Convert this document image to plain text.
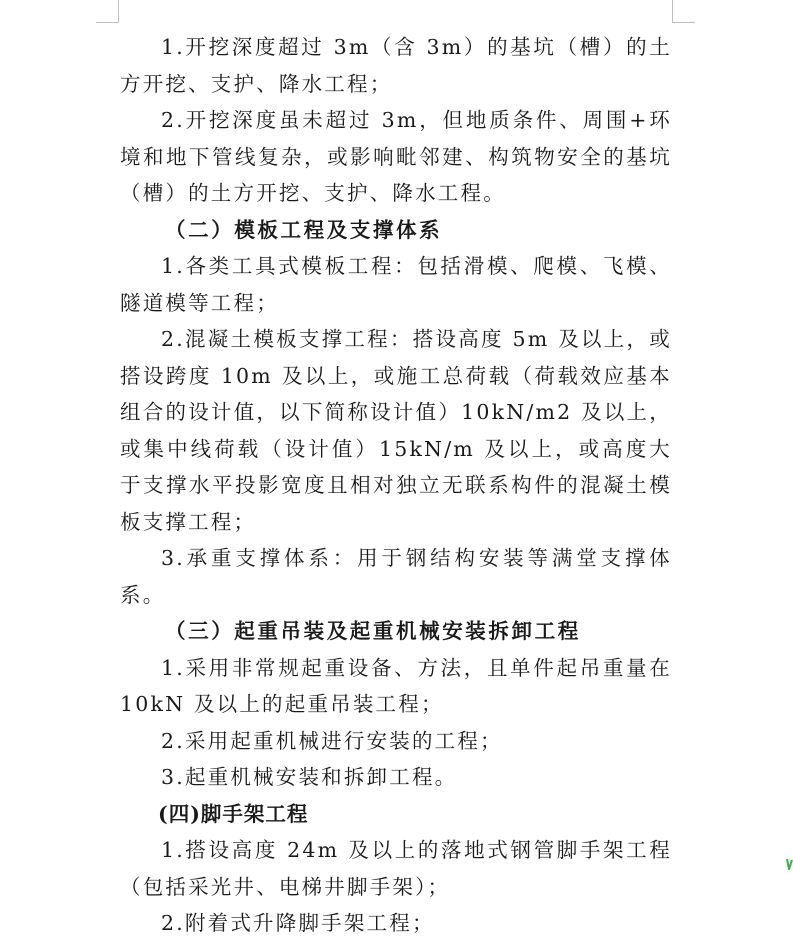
1.开挖深度超过 3m（含 3m）的基坑（槽）的土方开挖、支护、降水工程；

2.开挖深度虽未超过 3m，但地质条件、周围+环境和地下管线复杂，或影响毗邻建、构筑物安全的基坑（槽）的土方开挖、支护、降水工程。

（二）模板工程及支撑体系

1.各类工具式模板工程：包括滑模、爬模、飞模、隧道模等工程；

2.混凝土模板支撑工程：搭设高度 5m 及以上，或搭设跨度 10m 及以上，或施工总荷载（荷载效应基本组合的设计值，以下简称设计值）10kN/m2 及以上，或集中线荷载（设计值）15kN/m 及以上，或高度大于支撑水平投影宽度且相对独立无联系构件的混凝土模板支撑工程；

3.承重支撑体系：用于钢结构安装等满堂支撑体系。

（三）起重吊装及起重机械安装拆卸工程

1.采用非常规起重设备、方法，且单件起吊重量在 10kN 及以上的起重吊装工程；

2.采用起重机械进行安装的工程；

3.起重机械安装和拆卸工程。

(四)脚手架工程

1.搭设高度 24m 及以上的落地式钢管脚手架工程（包括采光井、电梯井脚手架）；

2.附着式升降脚手架工程；
